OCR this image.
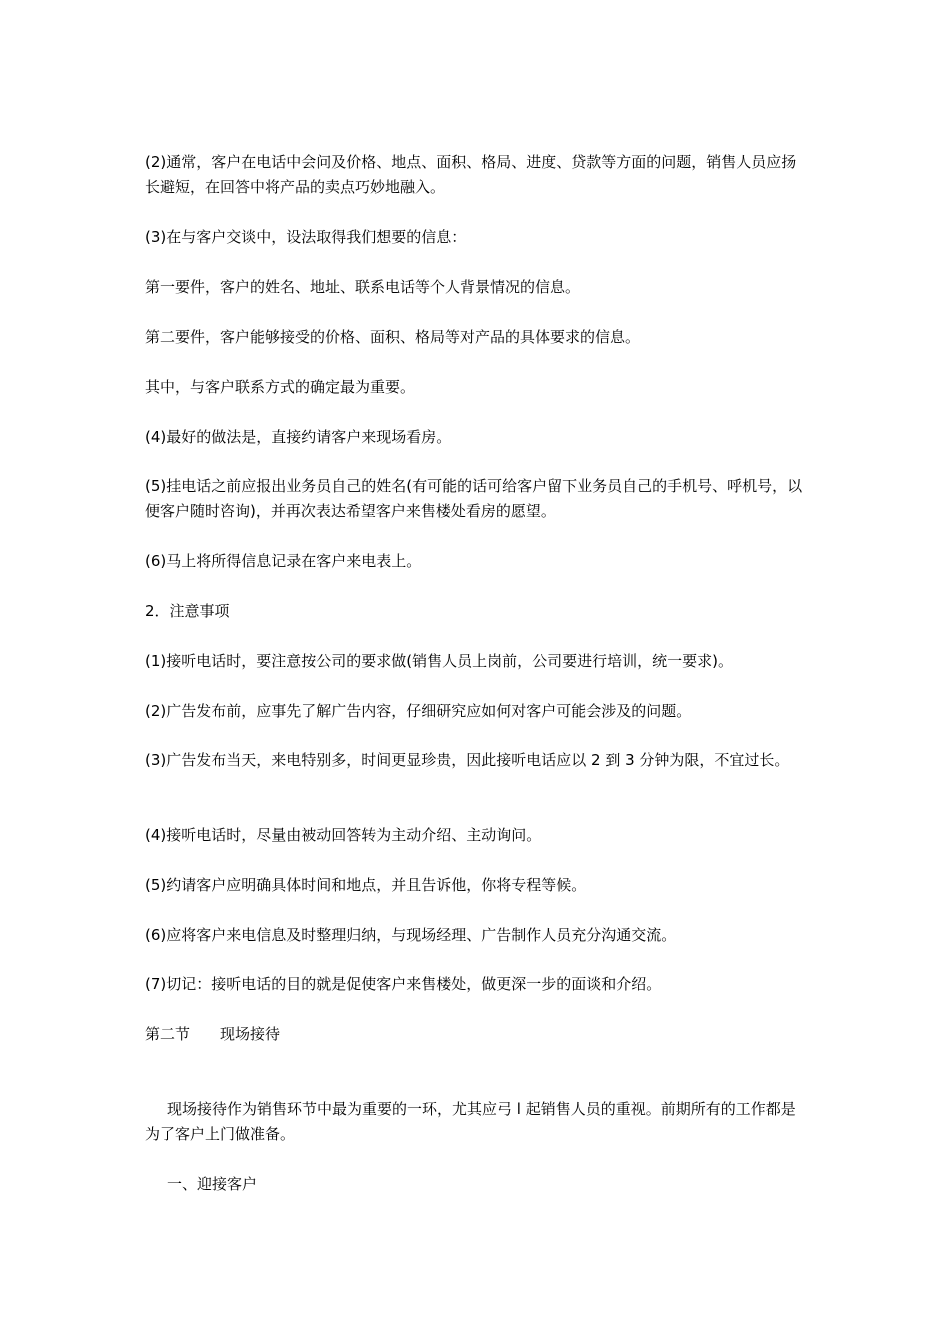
(2)通常，客户在电话中会问及价格、地点、面积、格局、进度、贷款等方面的问题，销售人员应扬长避短，在回答中将产品的卖点巧妙地融入。

(3)在与客户交谈中，设法取得我们想要的信息：

第一要件，客户的姓名、地址、联系电话等个人背景情况的信息。

第二要件，客户能够接受的价格、面积、格局等对产品的具体要求的信息。

其中，与客户联系方式的确定最为重要。

(4)最好的做法是，直接约请客户来现场看房。

(5)挂电话之前应报出业务员自己的姓名(有可能的话可给客户留下业务员自己的手机号、呼机号，以便客户随时咨询)，并再次表达希望客户来售楼处看房的愿望。

(6)马上将所得信息记录在客户来电表上。

2．注意事项

(1)接听电话时，要注意按公司的要求做(销售人员上岗前，公司要进行培训，统一要求)。

(2)广告发布前，应事先了解广告内容，仔细研究应如何对客户可能会涉及的问题。

(3)广告发布当天，来电特别多，时间更显珍贵，因此接听电话应以 2 到 3 分钟为限，不宜过长。

(4)接听电话时，尽量由被动回答转为主动介绍、主动询问。

(5)约请客户应明确具体时间和地点，并且告诉他，你将专程等候。

(6)应将客户来电信息及时整理归纳，与现场经理、广告制作人员充分沟通交流。

(7)切记：接听电话的目的就是促使客户来售楼处，做更深一步的面谈和介绍。

第二节　　现场接待

现场接待作为销售环节中最为重要的一环，尤其应弓 l 起销售人员的重视。前期所有的工作都是为了客户上门做准备。

一、迎接客户
